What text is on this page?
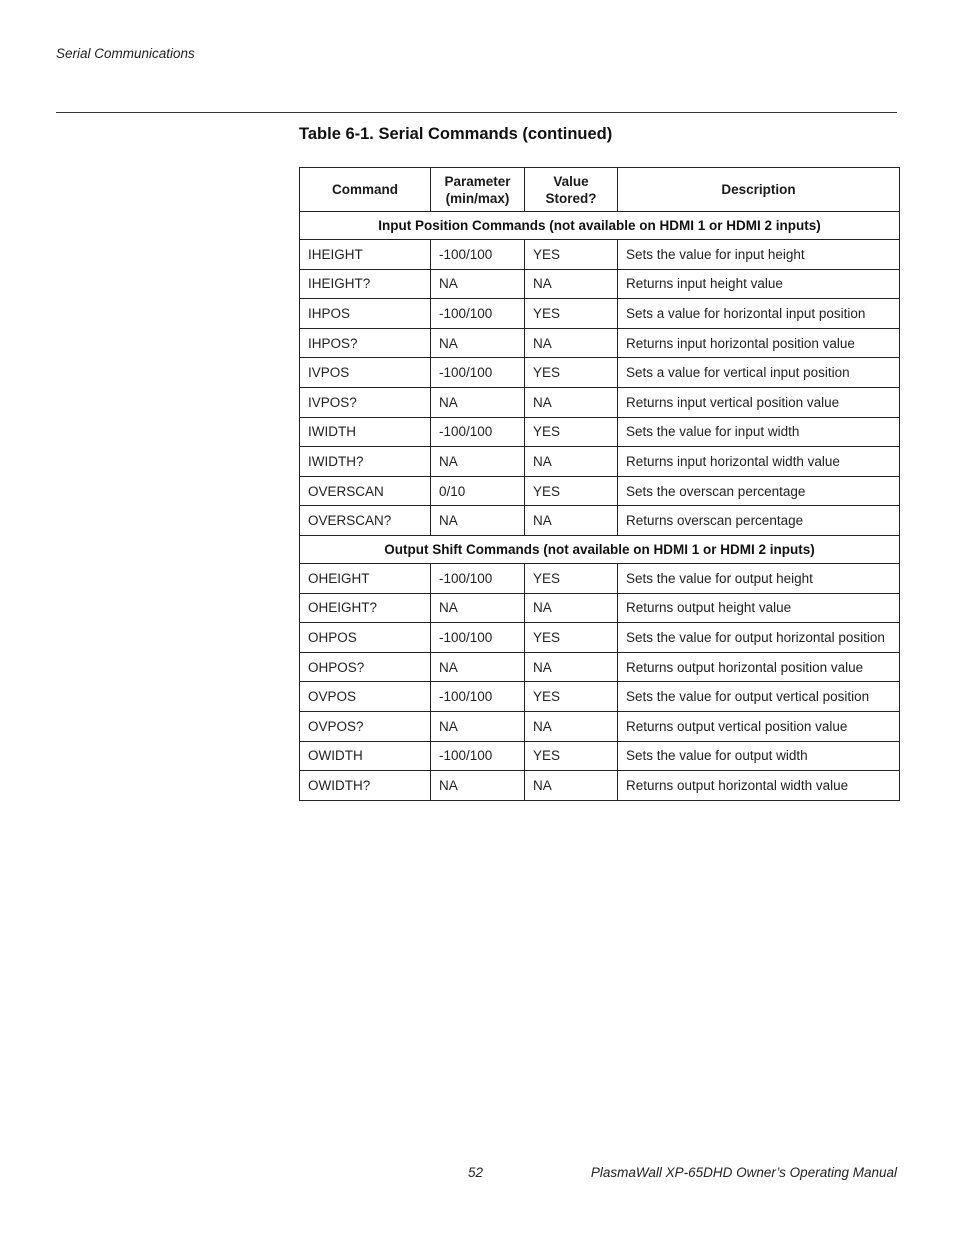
Serial Communications
Table 6-1. Serial Commands (continued)
Command	Parameter (min/max)	Value Stored?	Description
Input Position Commands (not available on HDMI 1 or HDMI 2 inputs)			
IHEIGHT	-100/100	YES	Sets the value for input height
IHEIGHT?	NA	NA	Returns input height value
IHPOS	-100/100	YES	Sets a value for horizontal input position
IHPOS?	NA	NA	Returns input horizontal position value
IVPOS	-100/100	YES	Sets a value for vertical input position
IVPOS?	NA	NA	Returns input vertical position value
IWIDTH	-100/100	YES	Sets the value for input width
IWIDTH?	NA	NA	Returns input horizontal width value
OVERSCAN	0/10	YES	Sets the overscan percentage
OVERSCAN?	NA	NA	Returns overscan percentage
Output Shift Commands (not available on HDMI 1 or HDMI 2 inputs)			
OHEIGHT	-100/100	YES	Sets the value for output height
OHEIGHT?	NA	NA	Returns output height value
OHPOS	-100/100	YES	Sets the value for output horizontal position
OHPOS?	NA	NA	Returns output horizontal position value
OVPOS	-100/100	YES	Sets the value for output vertical position
OVPOS?	NA	NA	Returns output vertical position value
OWIDTH	-100/100	YES	Sets the value for output width
OWIDTH?	NA	NA	Returns output horizontal width value
52	PlasmaWall XP-65DHD Owner’s Operating Manual
